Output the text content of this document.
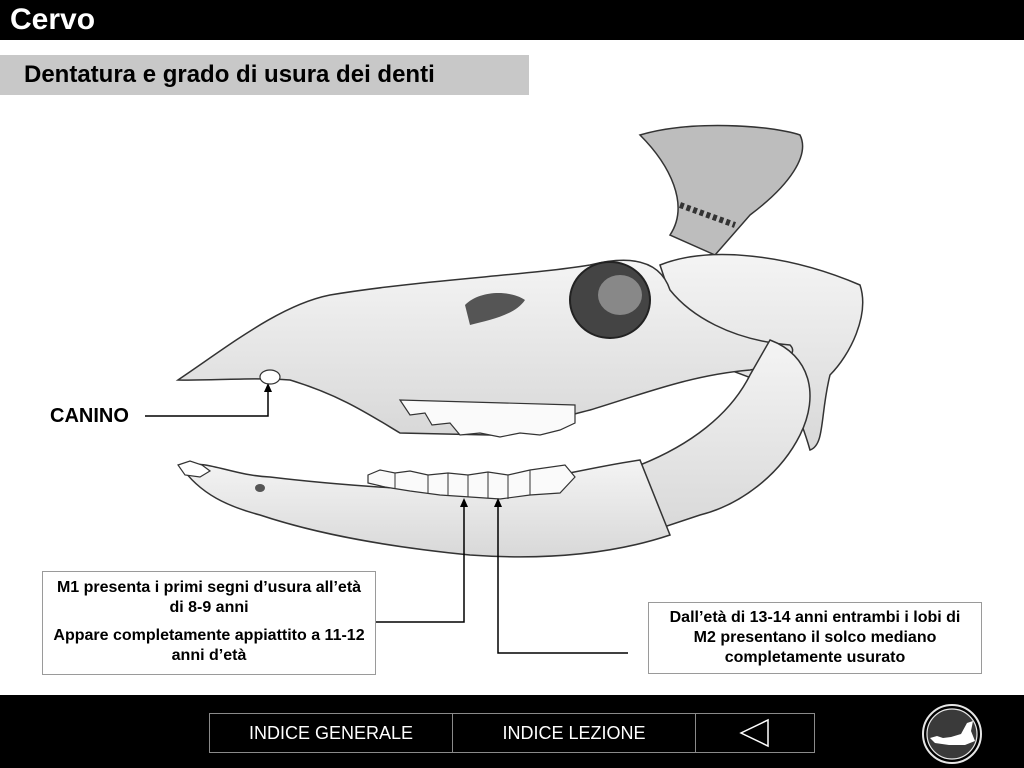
Cervo
Dentatura e grado di usura dei denti
CANINO

M1 presenta i primi segni d’usura all’età di 8-9 anni

Appare completamente appiattito a 11-12 anni d’età

Dall’età di 13-14 anni entrambi i lobi di M2 presentano il solco mediano completamente usurato
INDICE GENERALE	INDICE LEZIONE
